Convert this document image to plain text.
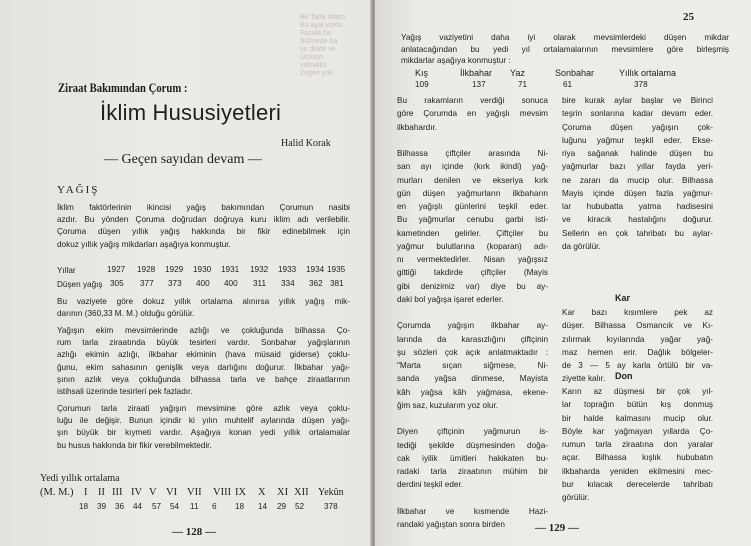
Bir Tarla adam
Bu ayal yordu
Fasula ha
Sülmede ba
ve dinde ve
Ürünün
yalsaliks
Zegeri yok
Ziraat Bakımından Çorum :
İklim Hususiyetleri
Halid Korak
— Geçen sayıdan devam —
YAĞIŞ
İklim faktörlerinin ikincisi yağış bakımından Çorumun nasibi
azdır. Bu yönden Çoruma doğrudan doğruya kuru iklim adı verilebilir.
Çoruma düşen yıllık yağış hakkında bir fikir edinebilmek için
dokuz yıllık yağış mikdarları aşağıya konmuştur.
Yıllar	1927 1928 1929 1930 1931 1932 1933 1934 1935
Düşen yağış 305 377 373 400 400 311 334 362 381
Bu vaziyete göre dokuz yıllık ortalama alınırsa yıllık yağış mik-
darının (360,33 M. M.) olduğu görülür.
Yağışın ekim mevsimlerinde azlığı ve çokluğunda bilhassa Ço-
rum tarla ziraatında büyük tesirleri vardır. Sonbahar yağışlarının
azlığı ekimin azlığı, ilkbahar ekiminin (hava müsaid giderse) çoklu-
ğunu, ekim sahasının genişlik veya darlığını doğurur. İlkbahar yağı-
şının azlık veya çokluğunda bilhassa tarla ve bahçe ziraatlarının
istihsali üzerinde tesirleri pek fazladır.
Çorumun tarla ziraati yağışın mevsimine göre azlık veya çoklu-
luğu ile değişir. Bunun içindir ki yılın muhtelif aylarında düşen yağı-
şın büyük bir kıymeti vardır. Aşağıya konan yedi yıllık ortalamalar
bu husus hakkında bir fikir verebilmektedir.
Yedi yıllık ortalama
(M. M.) I II III IV V VI VII VIII IX X XI XII Yekûn
18 39 36 44 57 54 11 6 18 14 29 52 378
— 128 —
25
Yağış vaziyetini daha iyi olarak mevsimlerdeki düşen mikdar
anlatacağından bu yedi yıl ortalamalarının mevsimlere göre birleşmiş
mikdarlar aşağıya konmuştur :
Kış	İlkbahar Yaz	Sonbahar	Yıllık ortalama
109	137	71	61	378
Bu rakamların verdiği sonuca
göre Çorumda en yağışlı mevsim
ilkbahardır.
Bilhassa çiftçiler arasında Ni-
san ayı içinde (kırk ikindi) yağ-
murları denilen ve ekseriya kırk
gün düşen yağmurların ilkbaharın
en yağışlı günlerini teşkil eder.
Bu yağmurlar cenubu garbi isti-
kametinden gelirler. Çiftçiler bu
yağmur bulutlarına (koparan) adı-
nı vermektedirler. Nisan yağışsız
gittiği takdirde çiftçiler (Mayis
gibi denizimiz var) diye bu ay-
daki bol yağışa işaret ederler.
Çorumda yağışın ilkbahar ay-
larında da karasızlığını çiftçinin
şu sözleri çok açık anlatmaktadır :
"Marta sıçan siğmese, Ni-
sanda yağsa dinmese, Mayista
kâh yağsa kâh yağmasa, ekene-
ğim saz, kuzularım yoz olur.
Diyen çiftçinin yağmurun is-
tediği şekilde düşmesinden doğa-
cak iyilik ümitleri hakikaten bu-
radaki tarla ziraatının mühim bir
derdini teşkil eder.
İlkbahar ve kısmende Hazi-
randaki yağıştan sonra birden
bire kurak aylar başlar ve Birinci
teşrin sonlarına kadar devam eder.
Çoruma düşen yağışın çok-
luğunu yağmur teşkil eder. Ekse-
riya sağanak halinde düşen bu
yağmurlar bazı yıllar fayda yeri-
ne zararı da mucip olur. Bilhassa
Mayis içinde düşen fazla yağmur-
lar hububatta yatma hadisesini
ve kiracık hastalığını doğurur.
Sellerin en çok tahribatı bu aylar-
da görülür.
Kar
Kar bazı kısımlere pek az
düşer. Bilhassa Osmancık ve Kı-
zılırmak kıyılarında yağar yağ-
maz hemen erir. Dağlık bölgeler-
de 3 — 5 ay karla örtülü bir va-
ziyette kalır.	Don
Karın az düşmesi bir çok yıl-
lar toprağın bütün kış donmuş
bir halde kalmasını mucip olur.
Böyle kar yağmayan yıllarda Ço-
rumun tarla ziraatına don yaralar
açar. Bilhassa kışlık hububatın
ilkbaharda yeniden ekilmesini mec-
bur kılacak derecelerde tahribatı
görülür.
— 129 —
